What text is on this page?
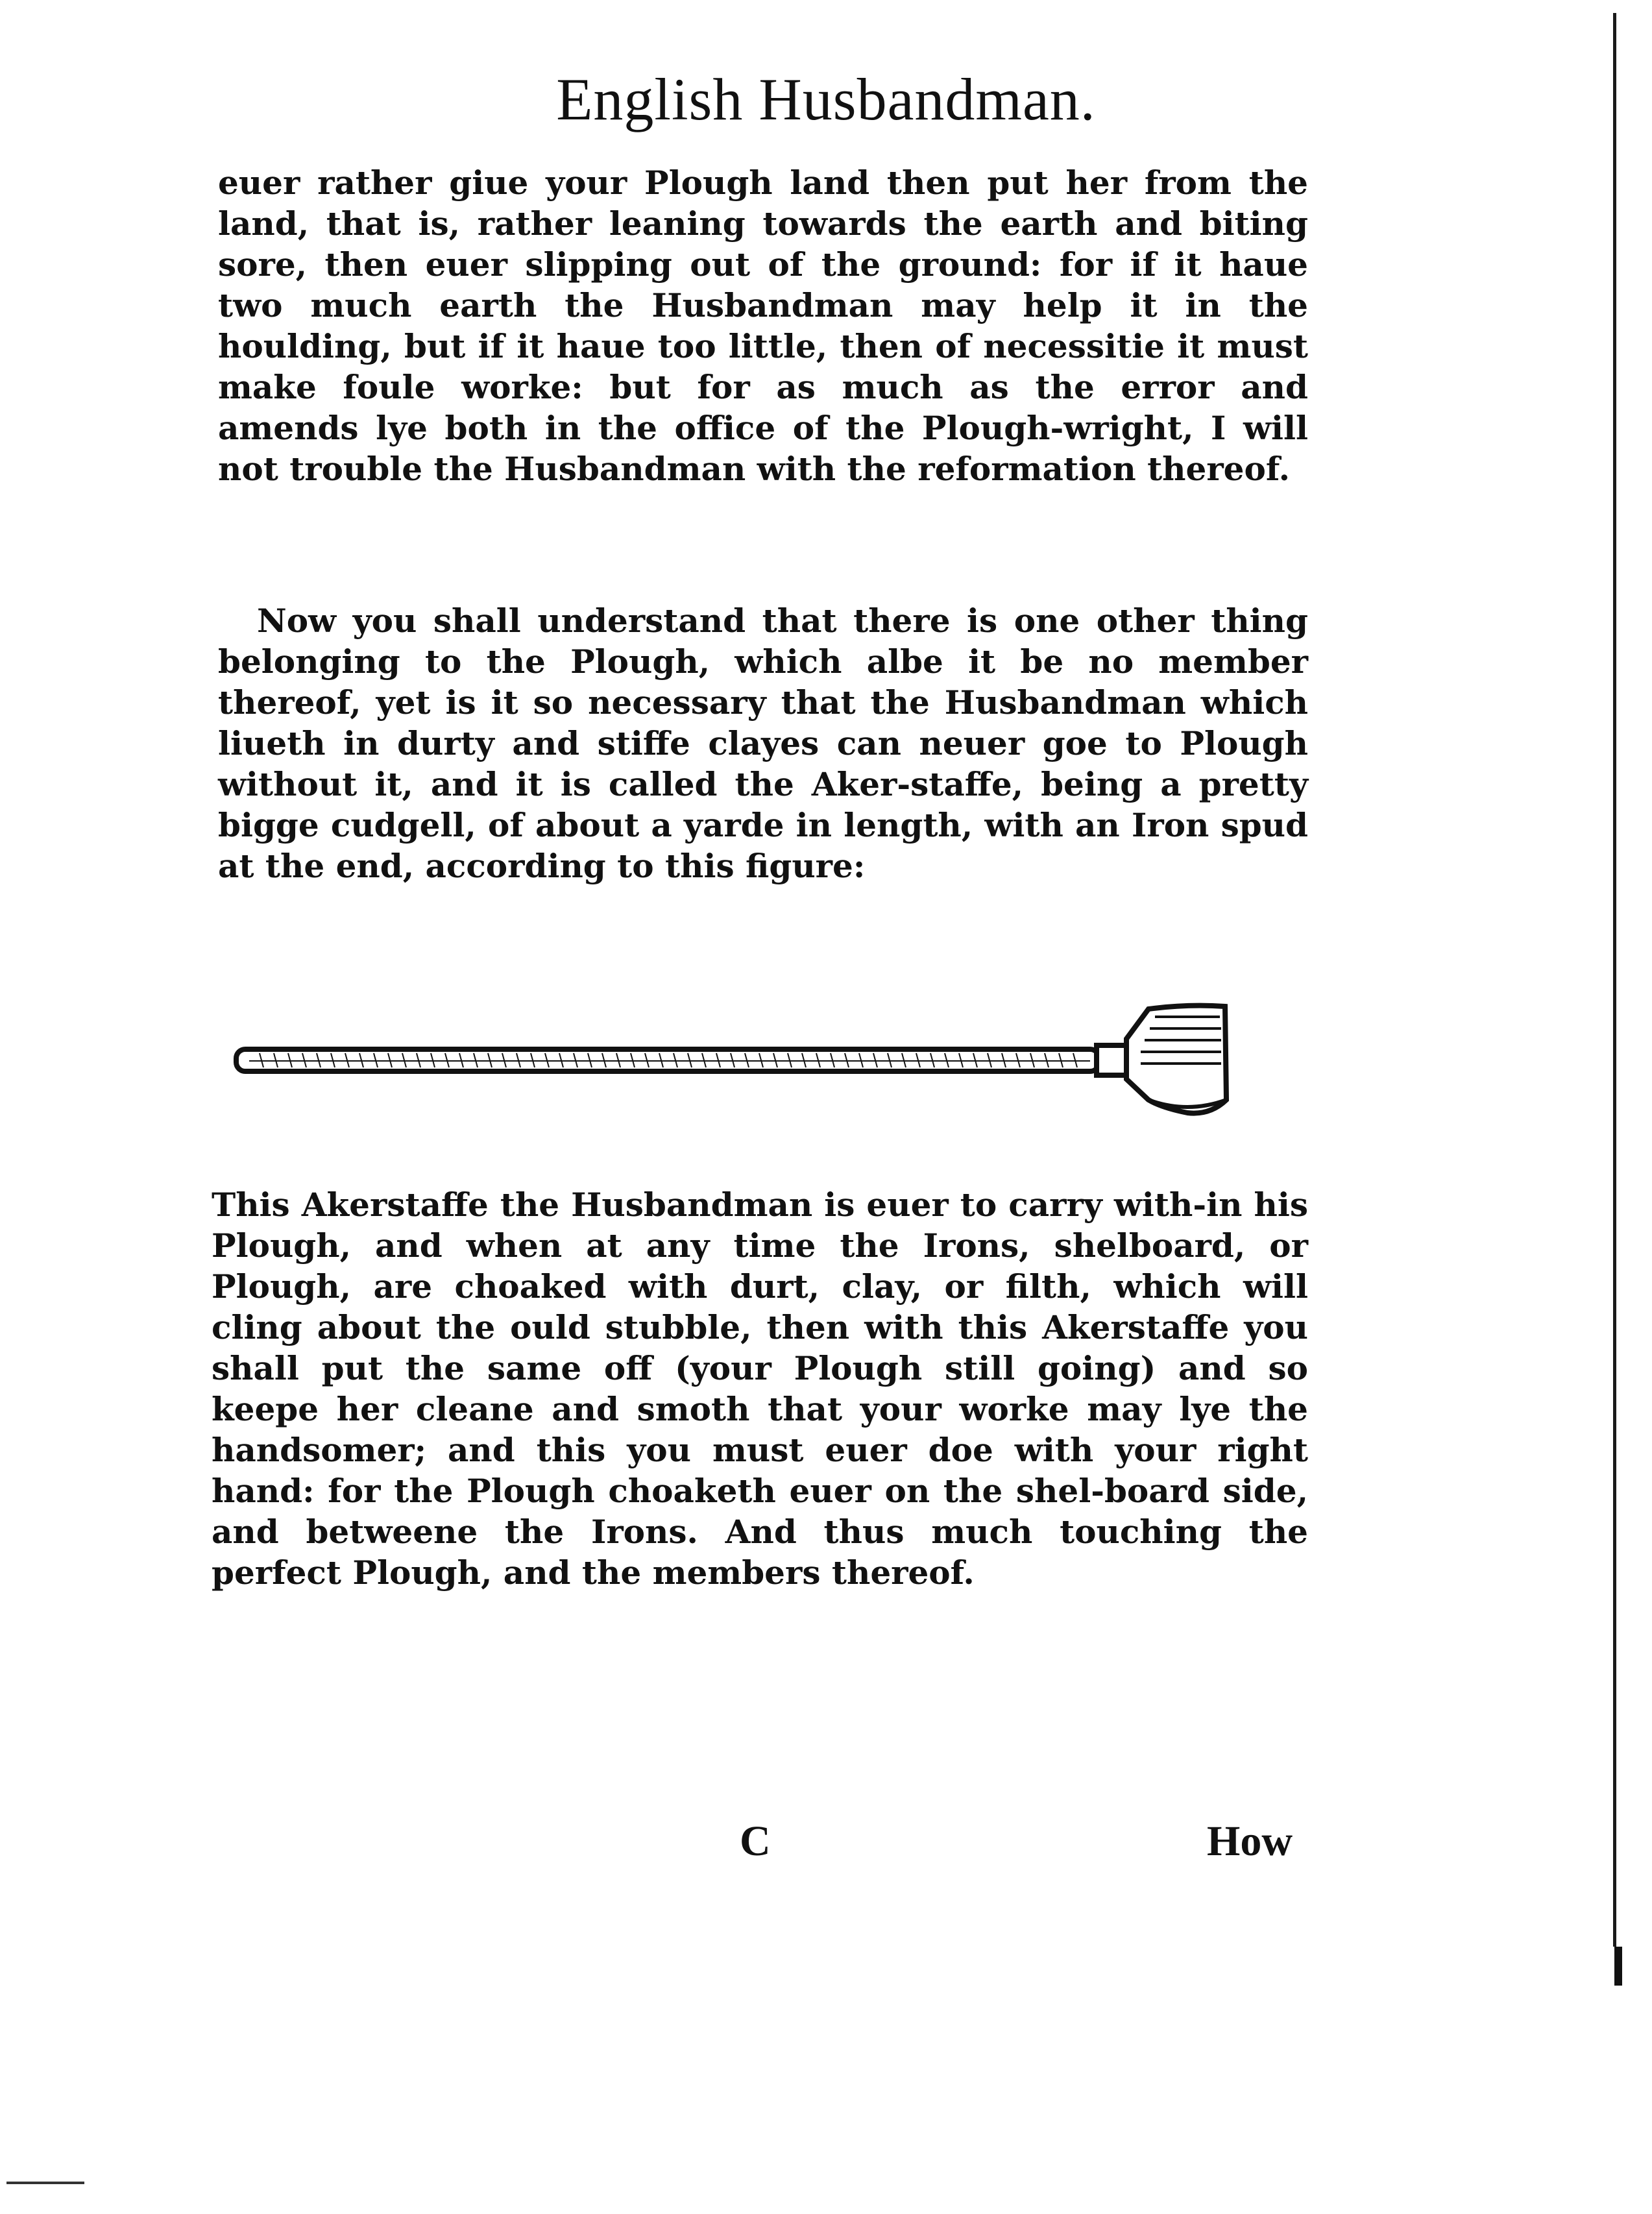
English Husbandman.

euer rather giue your Plough land then put her from the land, that is, rather leaning towards the earth and biting sore, then euer slipping out of the ground: for if it haue two much earth the Husbandman may help it in the houlding, but if it haue too little, then of necessitie it must make foule worke: but for as much as the error and amends lye both in the office of the Plough-wright, I will not trouble the Husbandman with the reformation thereof.

Now you shall understand that there is one other thing belonging to the Plough, which albe it be no member thereof, yet is it so necessary that the Husbandman which liueth in durty and stiffe clayes can neuer goe to Plough without it, and it is called the Aker-staffe, being a pretty bigge cudgell, of about a yarde in length, with an Iron spud at the end, according to this figure:

This Akerstaffe the Husbandman is euer to carry with-in his Plough, and when at any time the Irons, shelboard, or Plough, are choaked with durt, clay, or filth, which will cling about the ould stubble, then with this Akerstaffe you shall put the same off (your Plough still going) and so keepe her cleane and smoth that your worke may lye the handsomer; and this you must euer doe with your right hand: for the Plough choaketh euer on the shel-board side, and betweene the Irons. And thus much touching the perfect Plough, and the members thereof.

C	How
